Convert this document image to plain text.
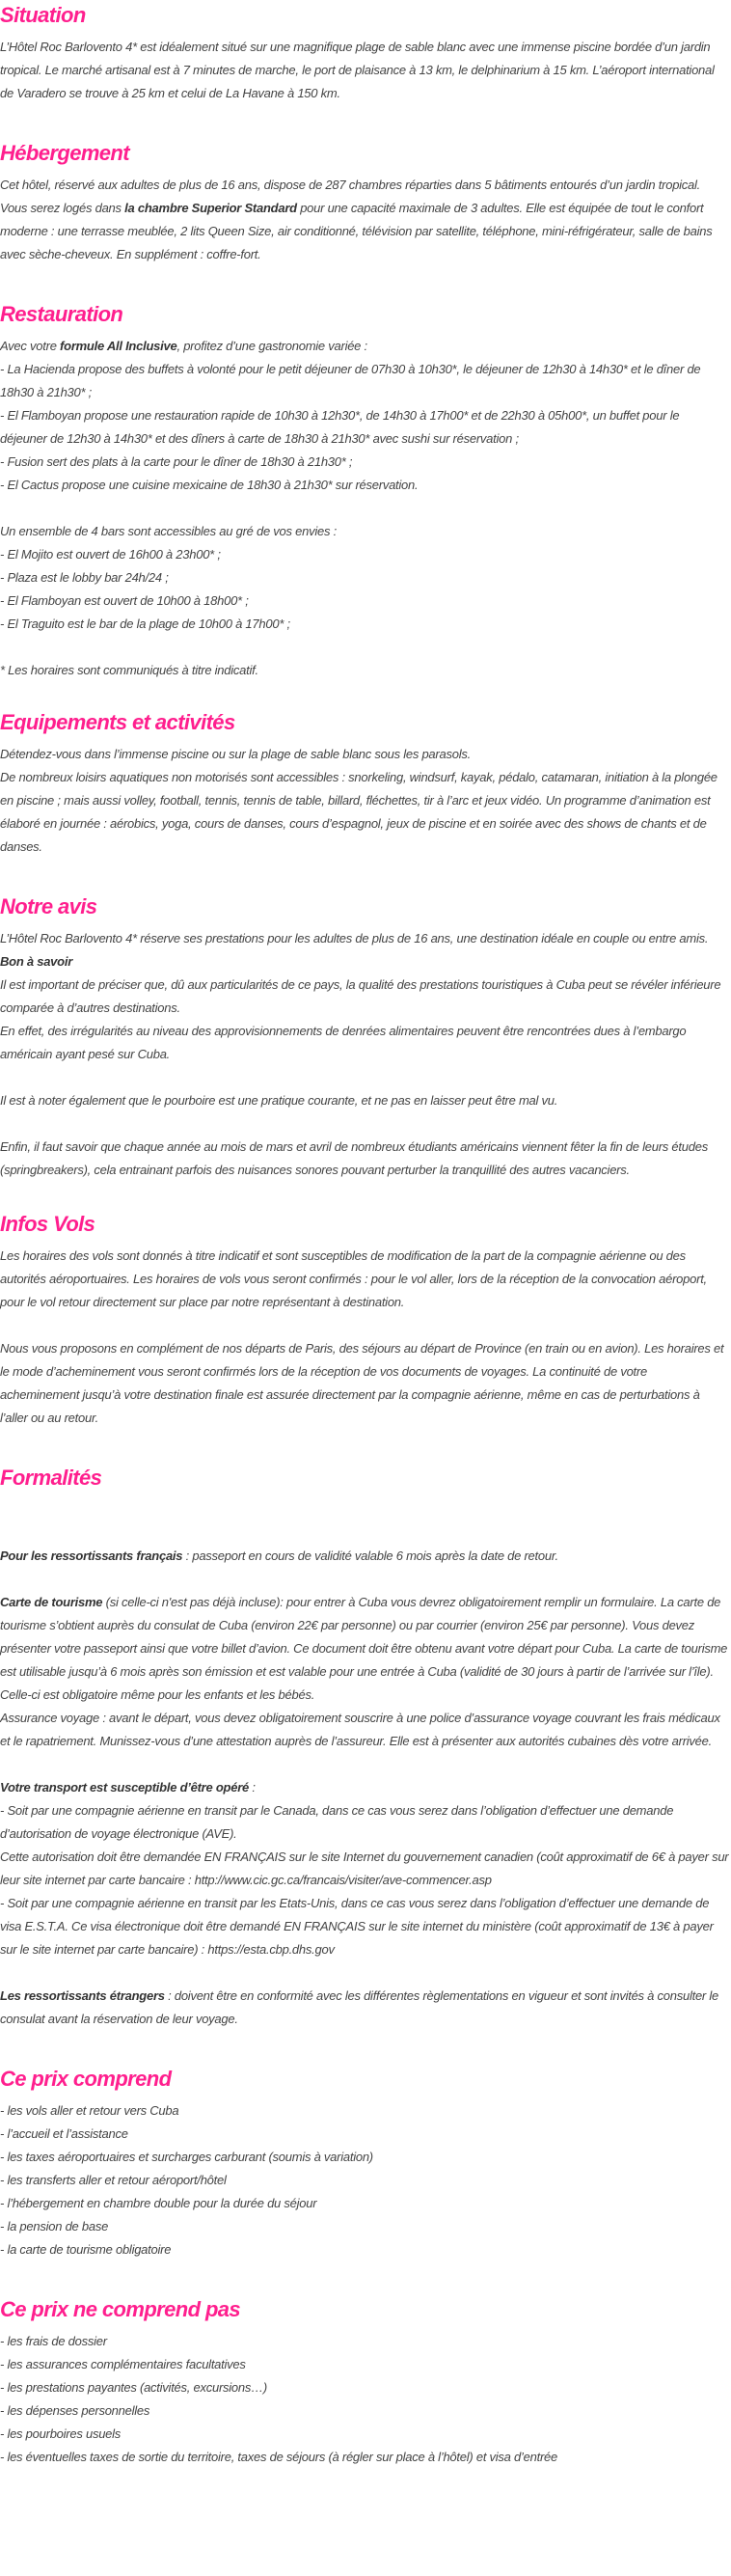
Situation

L’Hôtel Roc Barlovento 4* est idéalement situé sur une magnifique plage de sable blanc avec une immense piscine bordée d’un jardin tropical. Le marché artisanal est à 7 minutes de marche, le port de plaisance à 13 km, le delphinarium à 15 km. L’aéroport international de Varadero se trouve à 25 km et celui de La Havane à 150 km.

Hébergement

Cet hôtel, réservé aux adultes de plus de 16 ans, dispose de 287 chambres réparties dans 5 bâtiments entourés d’un jardin tropical.

Vous serez logés dans la chambre Superior Standard pour une capacité maximale de 3 adultes. Elle est équipée de tout le confort moderne : une terrasse meublée, 2 lits Queen Size, air conditionné, télévision par satellite, téléphone, mini-réfrigérateur, salle de bains avec sèche-cheveux. En supplément : coffre-fort.

Restauration

Avec votre formule All Inclusive, profitez d’une gastronomie variée :

- La Hacienda propose des buffets à volonté pour le petit déjeuner de 07h30 à 10h30*, le déjeuner de 12h30 à 14h30* et le dîner de 18h30 à 21h30* ;

- El Flamboyan propose une restauration rapide de 10h30 à 12h30*, de 14h30 à 17h00* et de 22h30 à 05h00*, un buffet pour le déjeuner de 12h30 à 14h30* et des dîners à carte de 18h30 à 21h30* avec sushi sur réservation ;

- Fusion sert des plats à la carte pour le dîner de 18h30 à 21h30* ;

- El Cactus propose une cuisine mexicaine de 18h30 à 21h30* sur réservation.

Un ensemble de 4 bars sont accessibles au gré de vos envies :

- El Mojito est ouvert de 16h00 à 23h00* ;

- Plaza est le lobby bar 24h/24 ;

- El Flamboyan est ouvert de 10h00 à 18h00* ;

- El Traguito est le bar de la plage de 10h00 à 17h00* ;

* Les horaires sont communiqués à titre indicatif.

Equipements et activités

Détendez-vous dans l’immense piscine ou sur la plage de sable blanc sous les parasols.

De nombreux loisirs aquatiques non motorisés sont accessibles : snorkeling, windsurf, kayak, pédalo, catamaran, initiation à la plongée en piscine ; mais aussi volley, football, tennis, tennis de table, billard, fléchettes, tir à l’arc et jeux vidéo. Un programme d’animation est élaboré en journée : aérobics, yoga, cours de danses, cours d’espagnol, jeux de piscine et en soirée avec des shows de chants et de danses.

Notre avis

L’Hôtel Roc Barlovento 4* réserve ses prestations pour les adultes de plus de 16 ans, une destination idéale en couple ou entre amis. Bon à savoir

Il est important de préciser que, dû aux particularités de ce pays, la qualité des prestations touristiques à Cuba peut se révéler inférieure comparée à d’autres destinations.

En effet, des irrégularités au niveau des approvisionnements de denrées alimentaires peuvent être rencontrées dues à l’embargo américain ayant pesé sur Cuba.

Il est à noter également que le pourboire est une pratique courante, et ne pas en laisser peut être mal vu.

Enfin, il faut savoir que chaque année au mois de mars et avril de nombreux étudiants américains viennent fêter la fin de leurs études (springbreakers), cela entrainant parfois des nuisances sonores pouvant perturber la tranquillité des autres vacanciers.

Infos Vols

Les horaires des vols sont donnés à titre indicatif et sont susceptibles de modification de la part de la compagnie aérienne ou des autorités aéroportuaires. Les horaires de vols vous seront confirmés : pour le vol aller, lors de la réception de la convocation aéroport, pour le vol retour directement sur place par notre représentant à destination.

Nous vous proposons en complément de nos départs de Paris, des séjours au départ de Province (en train ou en avion). Les horaires et le mode d’acheminement vous seront confirmés lors de la réception de vos documents de voyages. La continuité de votre acheminement jusqu’à votre destination finale est assurée directement par la compagnie aérienne, même en cas de perturbations à l’aller ou au retour.

Formalités

Pour les ressortissants français : passeport en cours de validité valable 6 mois après la date de retour.

Carte de tourisme (si celle-ci n'est pas déjà incluse): pour entrer à Cuba vous devrez obligatoirement remplir un formulaire. La carte de tourisme s’obtient auprès du consulat de Cuba (environ 22€ par personne) ou par courrier (environ 25€ par personne). Vous devez présenter votre passeport ainsi que votre billet d’avion. Ce document doit être obtenu avant votre départ pour Cuba. La carte de tourisme est utilisable jusqu’à 6 mois après son émission et est valable pour une entrée à Cuba (validité de 30 jours à partir de l’arrivée sur l’île). Celle-ci est obligatoire même pour les enfants et les bébés.

Assurance voyage : avant le départ, vous devez obligatoirement souscrire à une police d’assurance voyage couvrant les frais médicaux et le rapatriement. Munissez-vous d’une attestation auprès de l’assureur. Elle est à présenter aux autorités cubaines dès votre arrivée.

Votre transport est susceptible d’être opéré :

- Soit par une compagnie aérienne en transit par le Canada, dans ce cas vous serez dans l’obligation d’effectuer une demande d’autorisation de voyage électronique (AVE).

Cette autorisation doit être demandée EN FRANÇAIS sur le site Internet du gouvernement canadien (coût approximatif de 6€ à payer sur leur site internet par carte bancaire : http://www.cic.gc.ca/francais/visiter/ave-commencer.asp

- Soit par une compagnie aérienne en transit par les Etats-Unis, dans ce cas vous serez dans l’obligation d’effectuer une demande de visa E.S.T.A. Ce visa électronique doit être demandé EN FRANÇAIS sur le site internet du ministère (coût approximatif de 13€ à payer sur le site internet par carte bancaire) : https://esta.cbp.dhs.gov

Les ressortissants étrangers : doivent être en conformité avec les différentes règlementations en vigueur et sont invités à consulter le consulat avant la réservation de leur voyage.

Ce prix comprend
- les vols aller et retour vers Cuba
- l’accueil et l’assistance
- les taxes aéroportuaires et surcharges carburant (soumis à variation)
- les transferts aller et retour aéroport/hôtel
- l’hébergement en chambre double pour la durée du séjour
- la pension de base
- la carte de tourisme obligatoire
Ce prix ne comprend pas
- les frais de dossier
- les assurances complémentaires facultatives
- les prestations payantes (activités, excursions…)
- les dépenses personnelles
- les pourboires usuels
- les éventuelles taxes de sortie du territoire, taxes de séjours (à régler sur place à l’hôtel) et visa d’entrée
